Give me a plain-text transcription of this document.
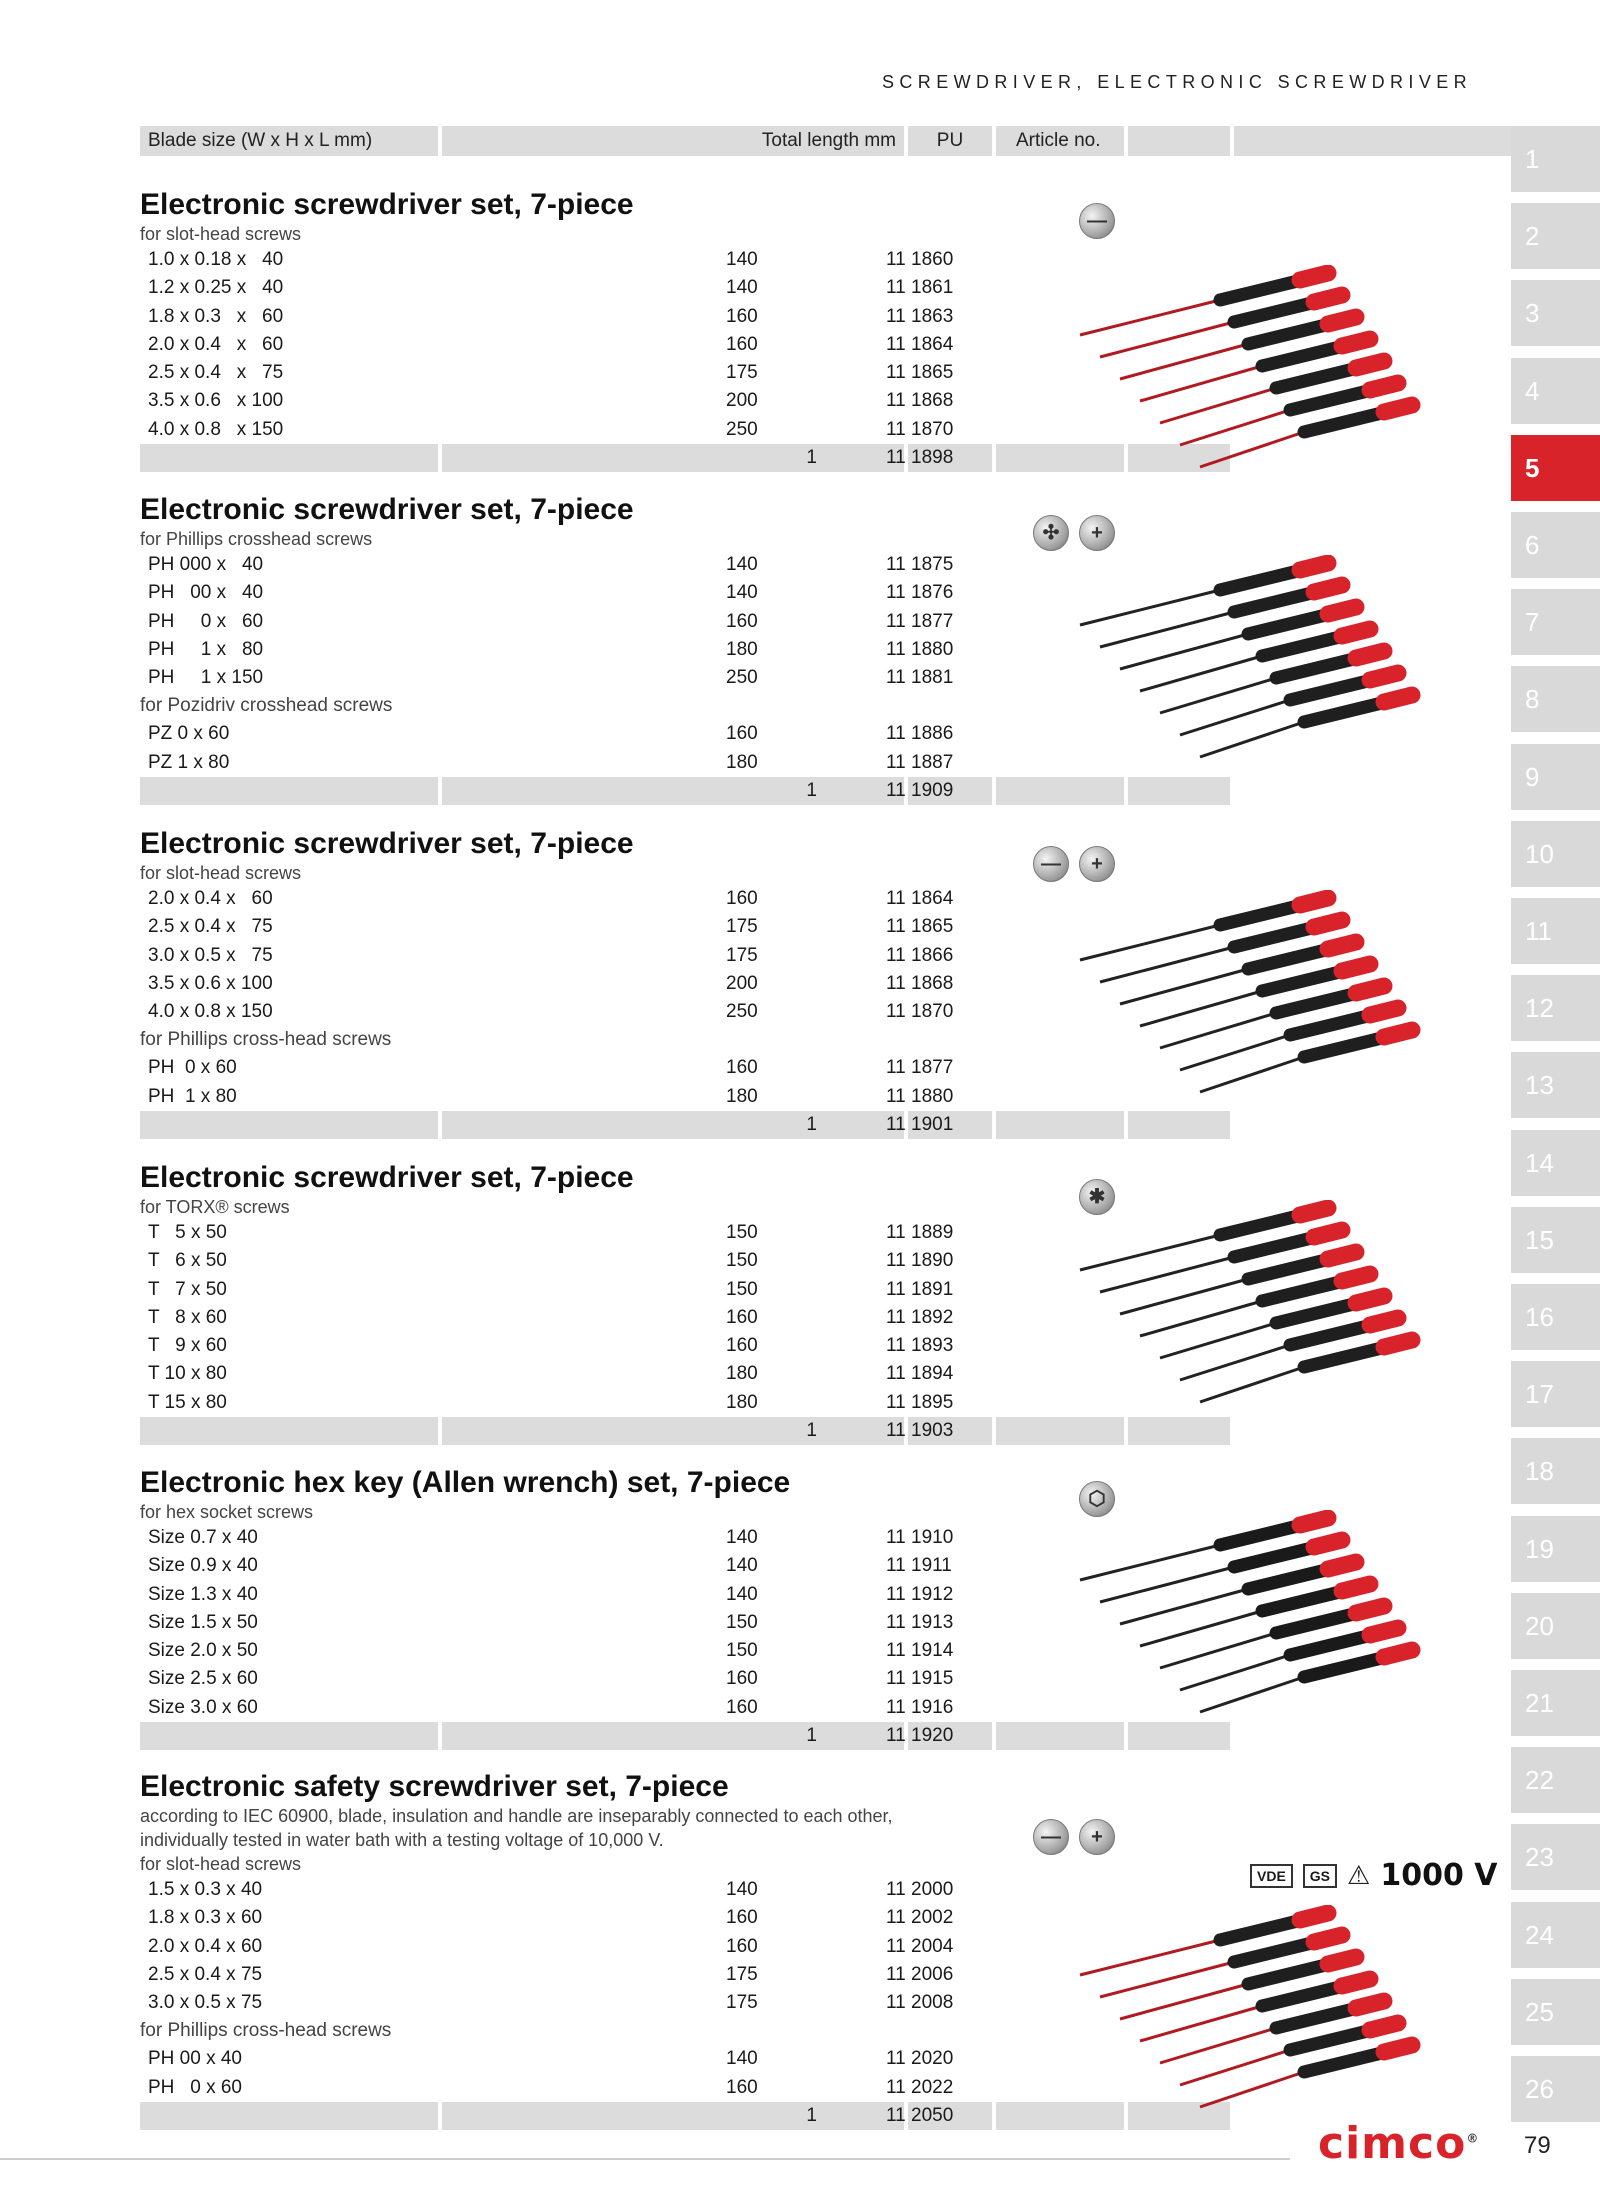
SCREWDRIVER, ELECTRONIC SCREWDRIVER
Blade size (W x H x L mm)	Total length mm	PU	Article no.
Electronic screwdriver set, 7-piece
for slot-head screws
1.0 x 0.18 x   40	140	11 1860
1.2 x 0.25 x   40	140	11 1861
1.8 x 0.3   x   60	160	11 1863
2.0 x 0.4   x   60	160	11 1864
2.5 x 0.4   x   75	175	11 1865
3.5 x 0.6   x 100	200	11 1868
4.0 x 0.8   x 150	250	11 1870
1	11 1898
Electronic screwdriver set, 7-piece
for Phillips crosshead screws
PH 000 x   40	140	11 1875
PH   00 x   40	140	11 1876
PH     0 x   60	160	11 1877
PH     1 x   80	180	11 1880
PH     1 x 150	250	11 1881
for Pozidriv crosshead screws
PZ 0 x 60	160	11 1886
PZ 1 x 80	180	11 1887
1	11 1909
Electronic screwdriver set, 7-piece
for slot-head screws
2.0 x 0.4 x   60	160	11 1864
2.5 x 0.4 x   75	175	11 1865
3.0 x 0.5 x   75	175	11 1866
3.5 x 0.6 x 100	200	11 1868
4.0 x 0.8 x 150	250	11 1870
for Phillips cross-head screws
PH  0 x 60	160	11 1877
PH  1 x 80	180	11 1880
1	11 1901
Electronic screwdriver set, 7-piece
for TORX® screws
T   5 x 50	150	11 1889
T   6 x 50	150	11 1890
T   7 x 50	150	11 1891
T   8 x 60	160	11 1892
T   9 x 60	160	11 1893
T 10 x 80	180	11 1894
T 15 x 80	180	11 1895
1	11 1903
Electronic hex key (Allen wrench) set, 7-piece
for hex socket screws
Size 0.7 x 40	140	11 1910
Size 0.9 x 40	140	11 1911
Size 1.3 x 40	140	11 1912
Size 1.5 x 50	150	11 1913
Size 2.0 x 50	150	11 1914
Size 2.5 x 60	160	11 1915
Size 3.0 x 60	160	11 1916
1	11 1920
Electronic safety screwdriver set, 7-piece
according to IEC 60900, blade, insulation and handle are inseparably connected to each other,
individually tested in water bath with a testing voltage of 10,000 V.
for slot-head screws
1.5 x 0.3 x 40	140	11 2000
1.8 x 0.3 x 60	160	11 2002
2.0 x 0.4 x 60	160	11 2004
2.5 x 0.4 x 75	175	11 2006
3.0 x 0.5 x 75	175	11 2008
for Phillips cross-head screws
PH 00 x 40	140	11 2020
PH   0 x 60	160	11 2022
1	11 2050
1
2
3
4
5
6
7
8
9
10
11
12
13
14
15
16
17
18
19
20
21
22
23
24
25
26
VDE	GS ⚠ 1000 V
cimco® 79
—
✣ +
— +
✱
⬡
— +
